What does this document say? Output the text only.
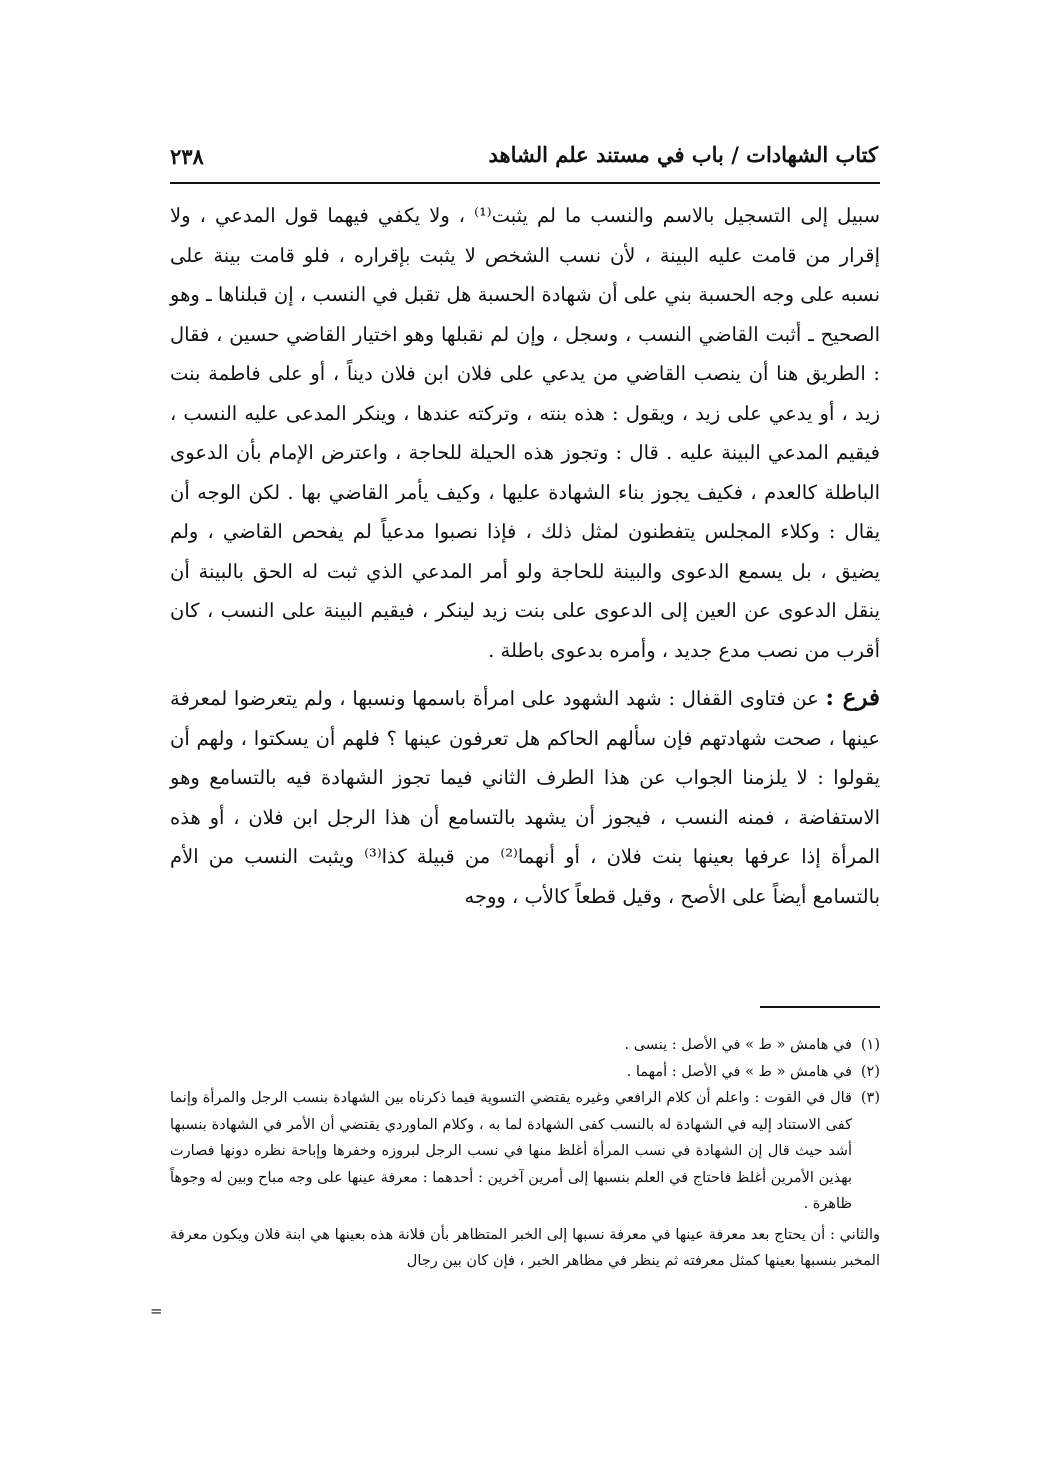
كتاب الشهادات / باب في مستند علم الشاهد
٢٣٨

سبيل إلى التسجيل بالاسم والنسب ما لم يثبت⁽¹⁾ ، ولا يكفي فيهما قول المدعي ، ولا إقرار من قامت عليه البينة ، لأن نسب الشخص لا يثبت بإقراره ، فلو قامت بينة على نسبه على وجه الحسبة بني على أن شهادة الحسبة هل تقبل في النسب ، إن قبلناها ـ وهو الصحيح ـ أثبت القاضي النسب ، وسجل ، وإن لم نقبلها وهو اختيار القاضي حسين ، فقال : الطريق هنا أن ينصب القاضي من يدعي على فلان ابن فلان ديناً ، أو على فاطمة بنت زيد ، أو يدعي على زيد ، ويقول : هذه بنته ، وتركته عندها ، وينكر المدعى عليه النسب ، فيقيم المدعي البينة عليه . قال : وتجوز هذه الحيلة للحاجة ، واعترض الإمام بأن الدعوى الباطلة كالعدم ، فكيف يجوز بناء الشهادة عليها ، وكيف يأمر القاضي بها . لكن الوجه أن يقال : وكلاء المجلس يتفطنون لمثل ذلك ، فإذا نصبوا مدعياً لم يفحص القاضي ، ولم يضيق ، بل يسمع الدعوى والبينة للحاجة ولو أمر المدعي الذي ثبت له الحق بالبينة أن ينقل الدعوى عن العين إلى الدعوى على بنت زيد لينكر ، فيقيم البينة على النسب ، كان أقرب من نصب مدع جديد ، وأمره بدعوى باطلة .

فرع : عن فتاوى القفال : شهد الشهود على امرأة باسمها ونسبها ، ولم يتعرضوا لمعرفة عينها ، صحت شهادتهم فإن سألهم الحاكم هل تعرفون عينها ؟ فلهم أن يسكتوا ، ولهم أن يقولوا : لا يلزمنا الجواب عن هذا الطرف الثاني فيما تجوز الشهادة فيه بالتسامع وهو الاستفاضة ، فمنه النسب ، فيجوز أن يشهد بالتسامع أن هذا الرجل ابن فلان ، أو هذه المرأة إذا عرفها بعينها بنت فلان ، أو أنهما⁽²⁾ من قبيلة كذا⁽³⁾ ويثبت النسب من الأم بالتسامع أيضاً على الأصح ، وقيل قطعاً كالأب ، ووجه

(١)
في هامش « ط » في الأصل : ينسى .
(٢)
في هامش « ط » في الأصل : أمهما .
(٣)
قال في القوت : واعلم أن كلام الرافعي وغيره يقتضي التسوية فيما ذكرناه بين الشهادة بنسب الرجل والمرأة وإنما كفى الاستناد إليه في الشهادة له بالنسب كفى الشهادة لما به ، وكلام الماوردي يقتضي أن الأمر في الشهادة بنسبها أشد حيث قال إن الشهادة في نسب المرأة أغلظ منها في نسب الرجل لبروزه وخفرها وإباحة نظره دونها فصارت بهذين الأمرين أغلظ فاحتاج في العلم بنسبها إلى أمرين آخرين : أحدهما : معرفة عينها على وجه مباح وبين له وجوهاً ظاهرة .
والثاني : أن يحتاج بعد معرفة عينها في معرفة نسبها إلى الخبر المتظاهر بأن فلانة هذه بعينها هي ابنة فلان ويكون معرفة المخبر بنسبها بعينها كمثل معرفته ثم ينظر في مظاهر الخبر ، فإن كان بين رجال
=
